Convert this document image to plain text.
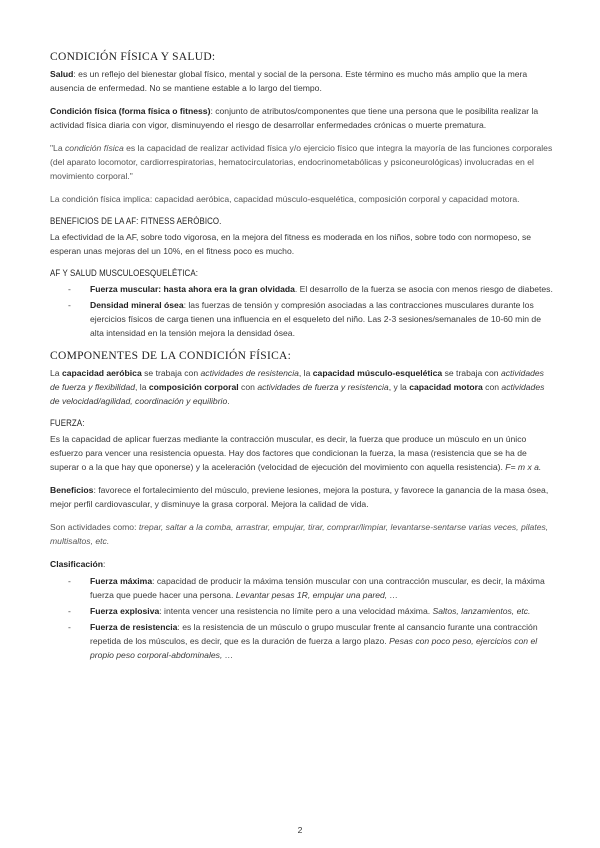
CONDICIÓN FÍSICA Y SALUD:

Salud: es un reflejo del bienestar global físico, mental y social de la persona. Este término es mucho más amplio que la mera ausencia de enfermedad. No se mantiene estable a lo largo del tiempo.

Condición física (forma física o fitness): conjunto de atributos/componentes que tiene una persona que le posibilita realizar la actividad física diaria con vigor, disminuyendo el riesgo de desarrollar enfermedades crónicas o muerte prematura.

"La condición física es la capacidad de realizar actividad física y/o ejercicio físico que integra la mayoría de las funciones corporales (del aparato locomotor, cardiorrespiratorias, hematocirculatorias, endocrinometabólicas y psiconeurológicas) involucradas en el movimiento corporal."

La condición física implica: capacidad aeróbica, capacidad músculo-esquelética, composición corporal y capacidad motora.

BENEFICIOS DE LA AF: FITNESS AERÓBICO.

La efectividad de la AF, sobre todo vigorosa, en la mejora del fitness es moderada en los niños, sobre todo con normopeso, se esperan unas mejoras del un 10%, en el fitness poco es mucho.

AF Y SALUD MUSCULOESQUELÉTICA:
- Fuerza muscular: hasta ahora era la gran olvidada. El desarrollo de la fuerza se asocia con menos riesgo de diabetes.
- Densidad mineral ósea: las fuerzas de tensión y compresión asociadas a las contracciones musculares durante los ejercicios físicos de carga tienen una influencia en el esqueleto del niño. Las 2-3 sesiones/semanales de 10-60 min de alta intensidad en la tensión mejora la densidad ósea.
COMPONENTES DE LA CONDICIÓN FÍSICA:

La capacidad aeróbica se trabaja con actividades de resistencia, la capacidad músculo-esquelética se trabaja con actividades de fuerza y flexibilidad, la composición corporal con actividades de fuerza y resistencia, y la capacidad motora con actividades de velocidad/agilidad, coordinación y equilibrio.

FUERZA:

Es la capacidad de aplicar fuerzas mediante la contracción muscular, es decir, la fuerza que produce un músculo en un único esfuerzo para vencer una resistencia opuesta. Hay dos factores que condicionan la fuerza, la masa (resistencia que se ha de superar o a la que hay que oponerse) y la aceleración (velocidad de ejecución del movimiento con aquella resistencia). F= m x a.

Beneficios: favorece el fortalecimiento del músculo, previene lesiones, mejora la postura, y favorece la ganancia de la masa ósea, mejor perfil cardiovascular, y disminuye la grasa corporal. Mejora la calidad de vida.

Son actividades como: trepar, saltar a la comba, arrastrar, empujar, tirar, comprar/limpiar, levantarse-sentarse varias veces, pilates, multisaltos, etc.

Clasificación:

- Fuerza máxima: capacidad de producir la máxima tensión muscular con una contracción muscular, es decir, la máxima fuerza que puede hacer una persona. Levantar pesas 1R, empujar una pared, …
- Fuerza explosiva: intenta vencer una resistencia no límite pero a una velocidad máxima. Saltos, lanzamientos, etc.
- Fuerza de resistencia: es la resistencia de un músculo o grupo muscular frente al cansancio furante una contracción repetida de los músculos, es decir, que es la duración de fuerza a largo plazo. Pesas con poco peso, ejercicios con el propio peso corporal-abdominales, …
2
